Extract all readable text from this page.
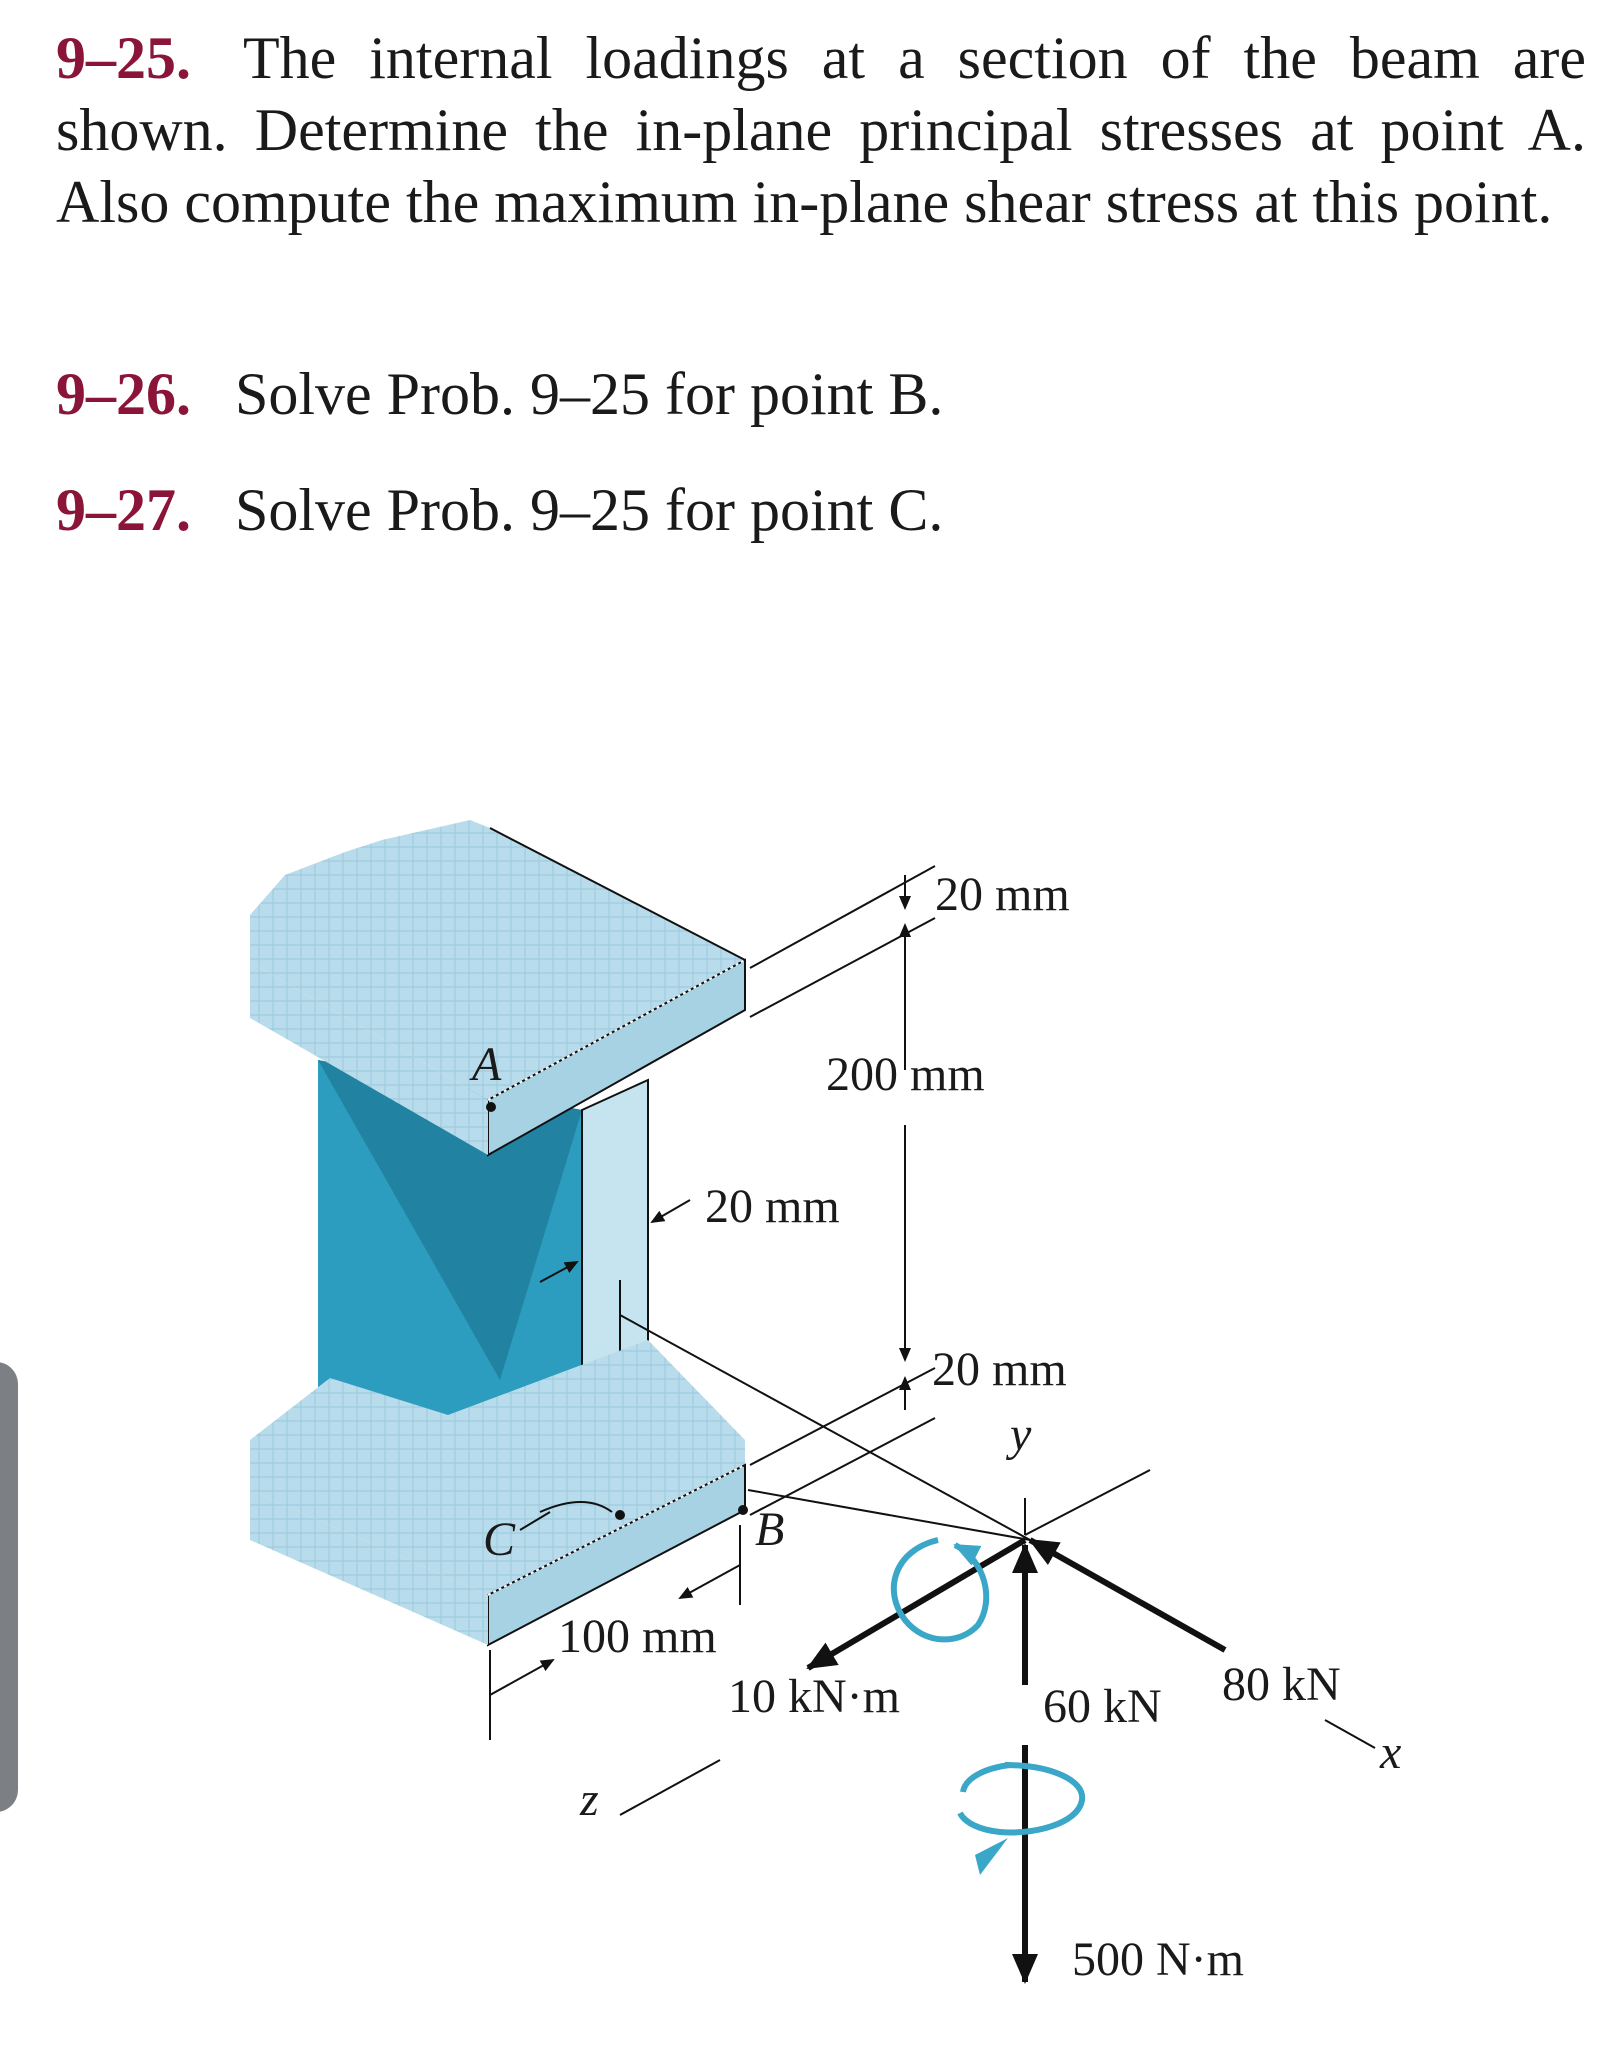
9–25. The internal loadings at a section of the beam are shown. Determine the in-plane principal stresses at point A. Also compute the maximum in-plane shear stress at this point.
9–26. Solve Prob. 9–25 for point B.
9–27. Solve Prob. 9–25 for point C.
20 mm
200 mm
20 mm
20 mm
100 mm
A
B
C
y
x
z
10 kN·m	60 kN 80 kN
500 N·m
